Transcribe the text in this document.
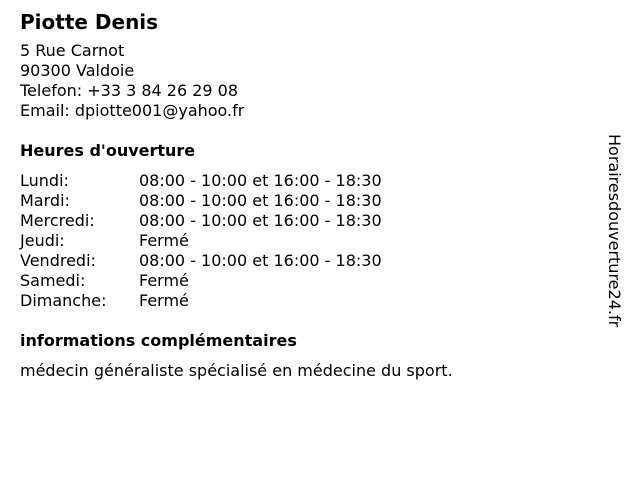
Piotte Denis
5 Rue Carnot
90300 Valdoie
Telefon: +33 3 84 26 29 08
Email: dpiotte001@yahoo.fr
Heures d'ouverture
Lundi:	08:00 - 10:00 et 16:00 - 18:30
Mardi:	08:00 - 10:00 et 16:00 - 18:30
Mercredi:	08:00 - 10:00 et 16:00 - 18:30
Jeudi:	Fermé
Vendredi:	08:00 - 10:00 et 16:00 - 18:30
Samedi:	Fermé
Dimanche: Fermé
informations complémentaires
médecin généraliste spécialisé en médecine du sport.
Horairesdouverture24.fr
